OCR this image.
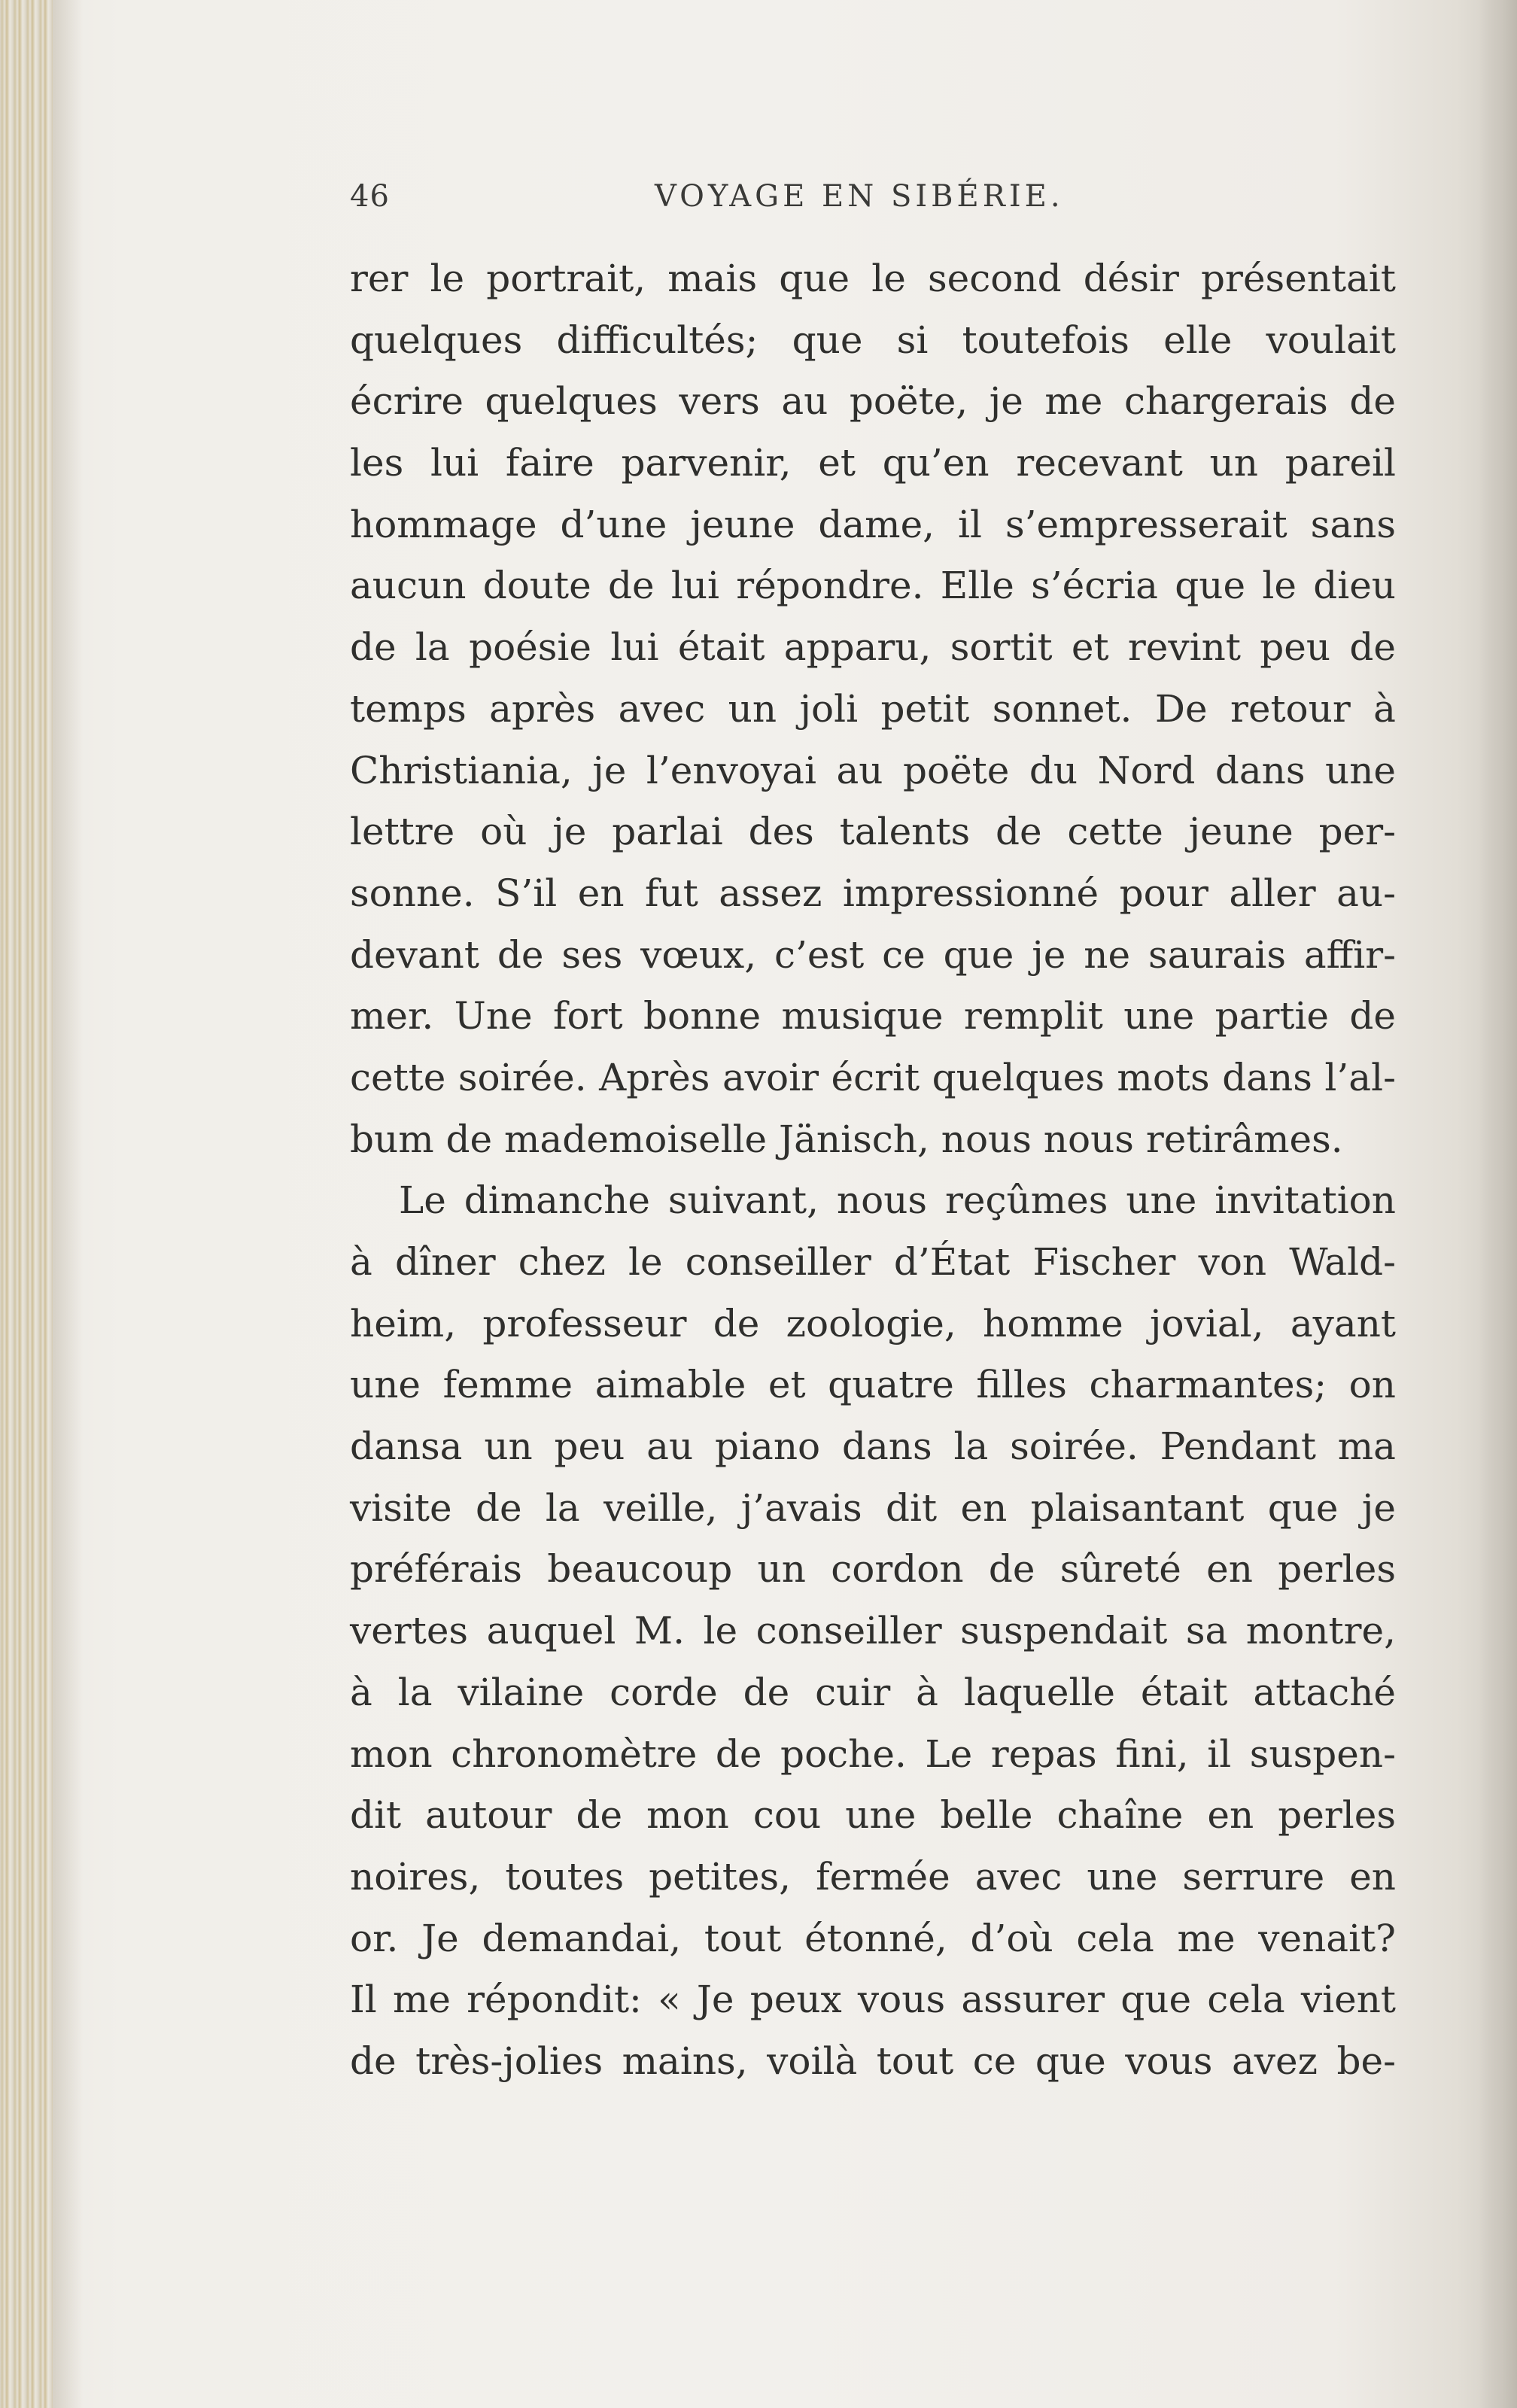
46	VOYAGE EN SIBÉRIE.
rer le portrait, mais que le second désir présentait
quelques difficultés; que si toutefois elle voulait
écrire quelques vers au poëte, je me chargerais de
les lui faire parvenir, et qu’en recevant un pareil
hommage d’une jeune dame, il s’empresserait sans
aucun doute de lui répondre. Elle s’écria que le dieu
de la poésie lui était apparu, sortit et revint peu de
temps après avec un joli petit sonnet. De retour à
Christiania, je l’envoyai au poëte du Nord dans une
lettre où je parlai des talents de cette jeune per-
sonne. S’il en fut assez impressionné pour aller au-
devant de ses vœux, c’est ce que je ne saurais affir-
mer. Une fort bonne musique remplit une partie de
cette soirée. Après avoir écrit quelques mots dans l’al-
bum de mademoiselle Jänisch, nous nous retirâmes.
Le dimanche suivant, nous reçûmes une invitation
à dîner chez le conseiller d’État Fischer von Wald-
heim, professeur de zoologie, homme jovial, ayant
une femme aimable et quatre filles charmantes; on
dansa un peu au piano dans la soirée. Pendant ma
visite de la veille, j’avais dit en plaisantant que je
préférais beaucoup un cordon de sûreté en perles
vertes auquel M. le conseiller suspendait sa montre,
à la vilaine corde de cuir à laquelle était attaché
mon chronomètre de poche. Le repas fini, il suspen-
dit autour de mon cou une belle chaîne en perles
noires, toutes petites, fermée avec une serrure en
or. Je demandai, tout étonné, d’où cela me venait?
Il me répondit: « Je peux vous assurer que cela vient
de très-jolies mains, voilà tout ce que vous avez be-
